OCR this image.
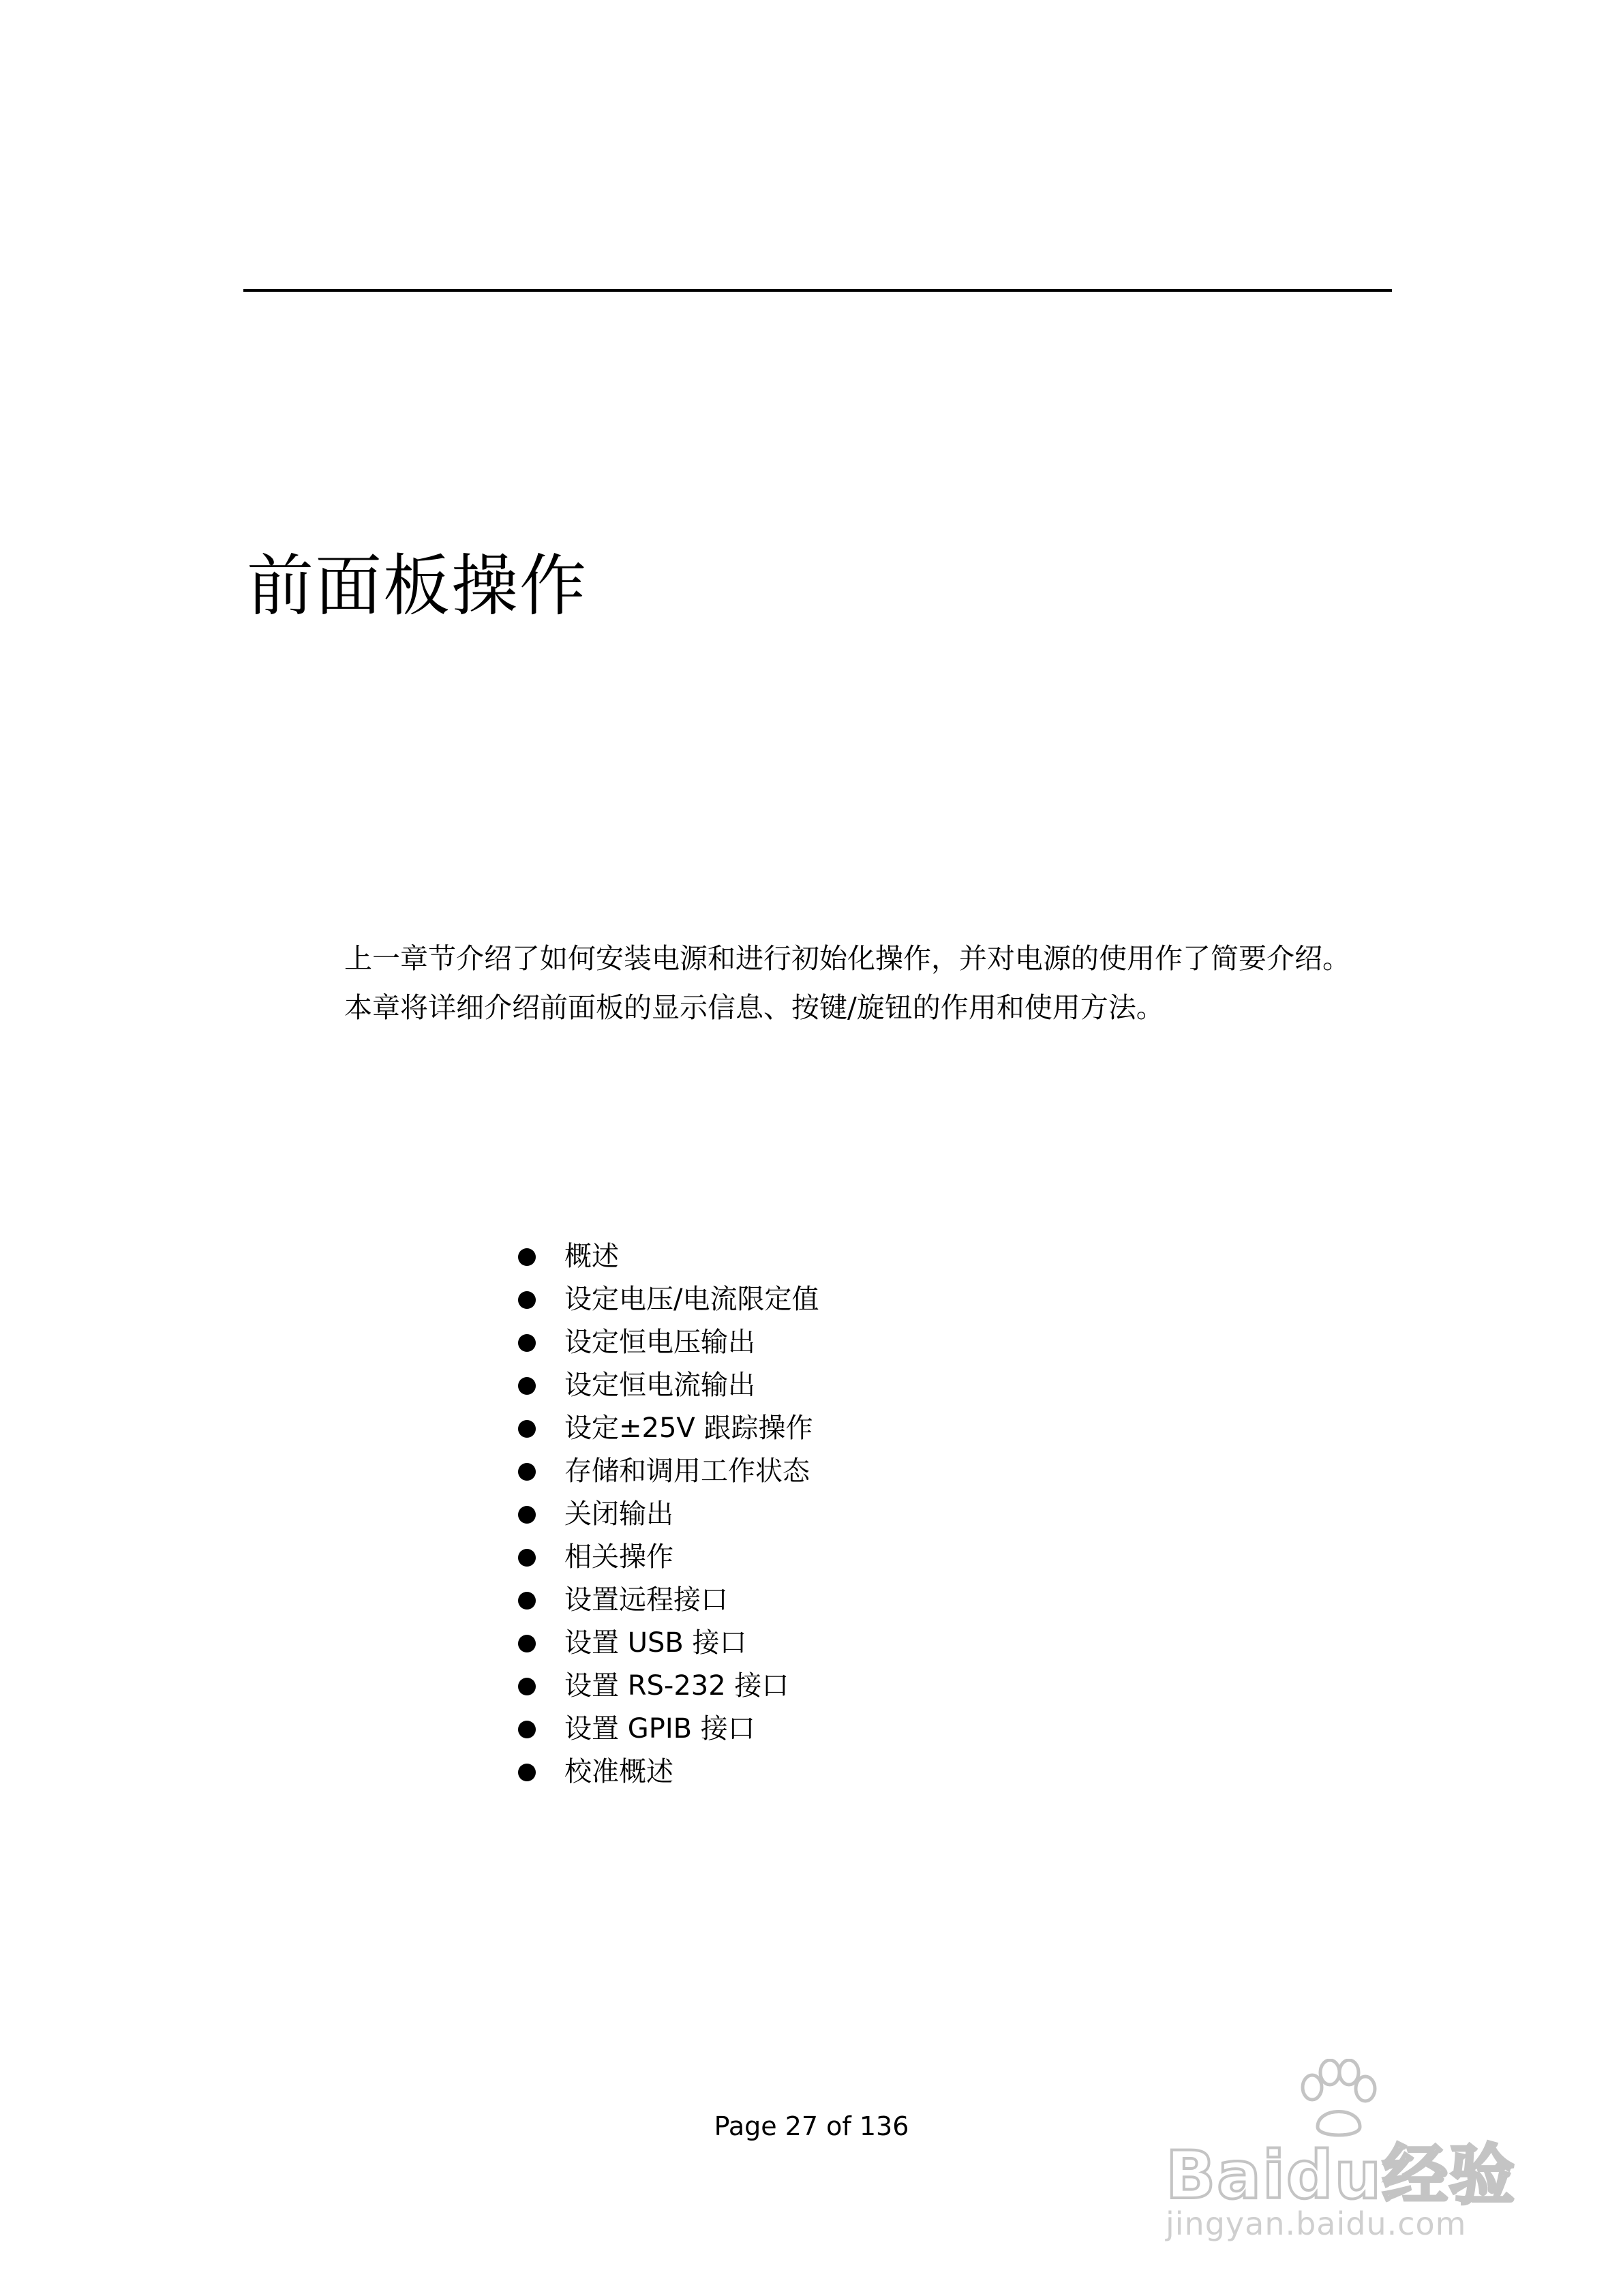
前面板操作

上一章节介绍了如何安装电源和进行初始化操作，并对电源的使用作了简要介绍。

本章将详细介绍前面板的显示信息、按键/旋钮的作用和使用方法。

概述
设定电压/电流限定值
设定恒电压输出
设定恒电流输出
设定±25V 跟踪操作
存储和调用工作状态
关闭输出
相关操作
设置远程接口
设置 USB 接口
设置 RS-232 接口
设置 GPIB 接口
校准概述
Page 27 of 136
Baidu经验
jingyan.baidu.com
